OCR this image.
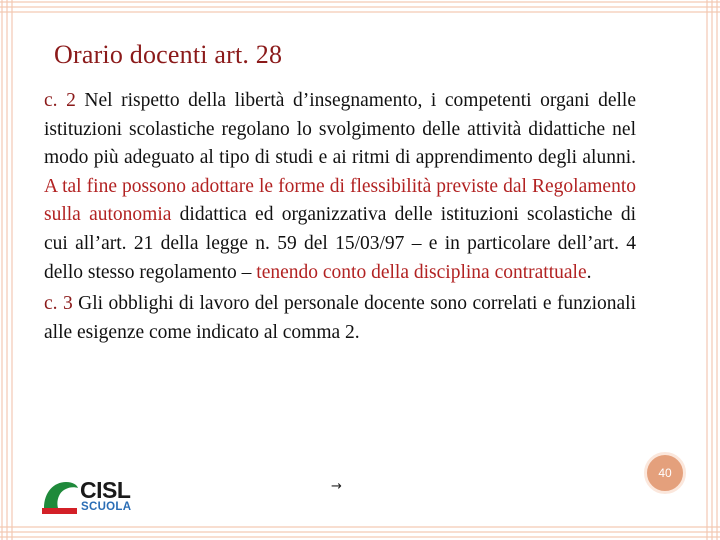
Orario docenti art. 28

c. 2 Nel rispetto della libertà d’insegnamento, i competenti organi delle istituzioni scolastiche regolano lo svolgimento delle attività didattiche nel modo più adeguato al tipo di studi e ai ritmi di apprendimento degli alunni. A tal fine possono adottare le forme di flessibilità previste dal Regolamento sulla autonomia didattica ed organizzativa delle istituzioni scolastiche di cui all’art. 21 della legge n. 59 del 15/03/97 – e in particolare dell’art. 4 dello stesso regolamento – tenendo conto della disciplina contrattuale.

c. 3 Gli obblighi di lavoro del personale docente sono correlati e funzionali alle esigenze come indicato al comma 2.

→
40
CISL
SCUOLA
